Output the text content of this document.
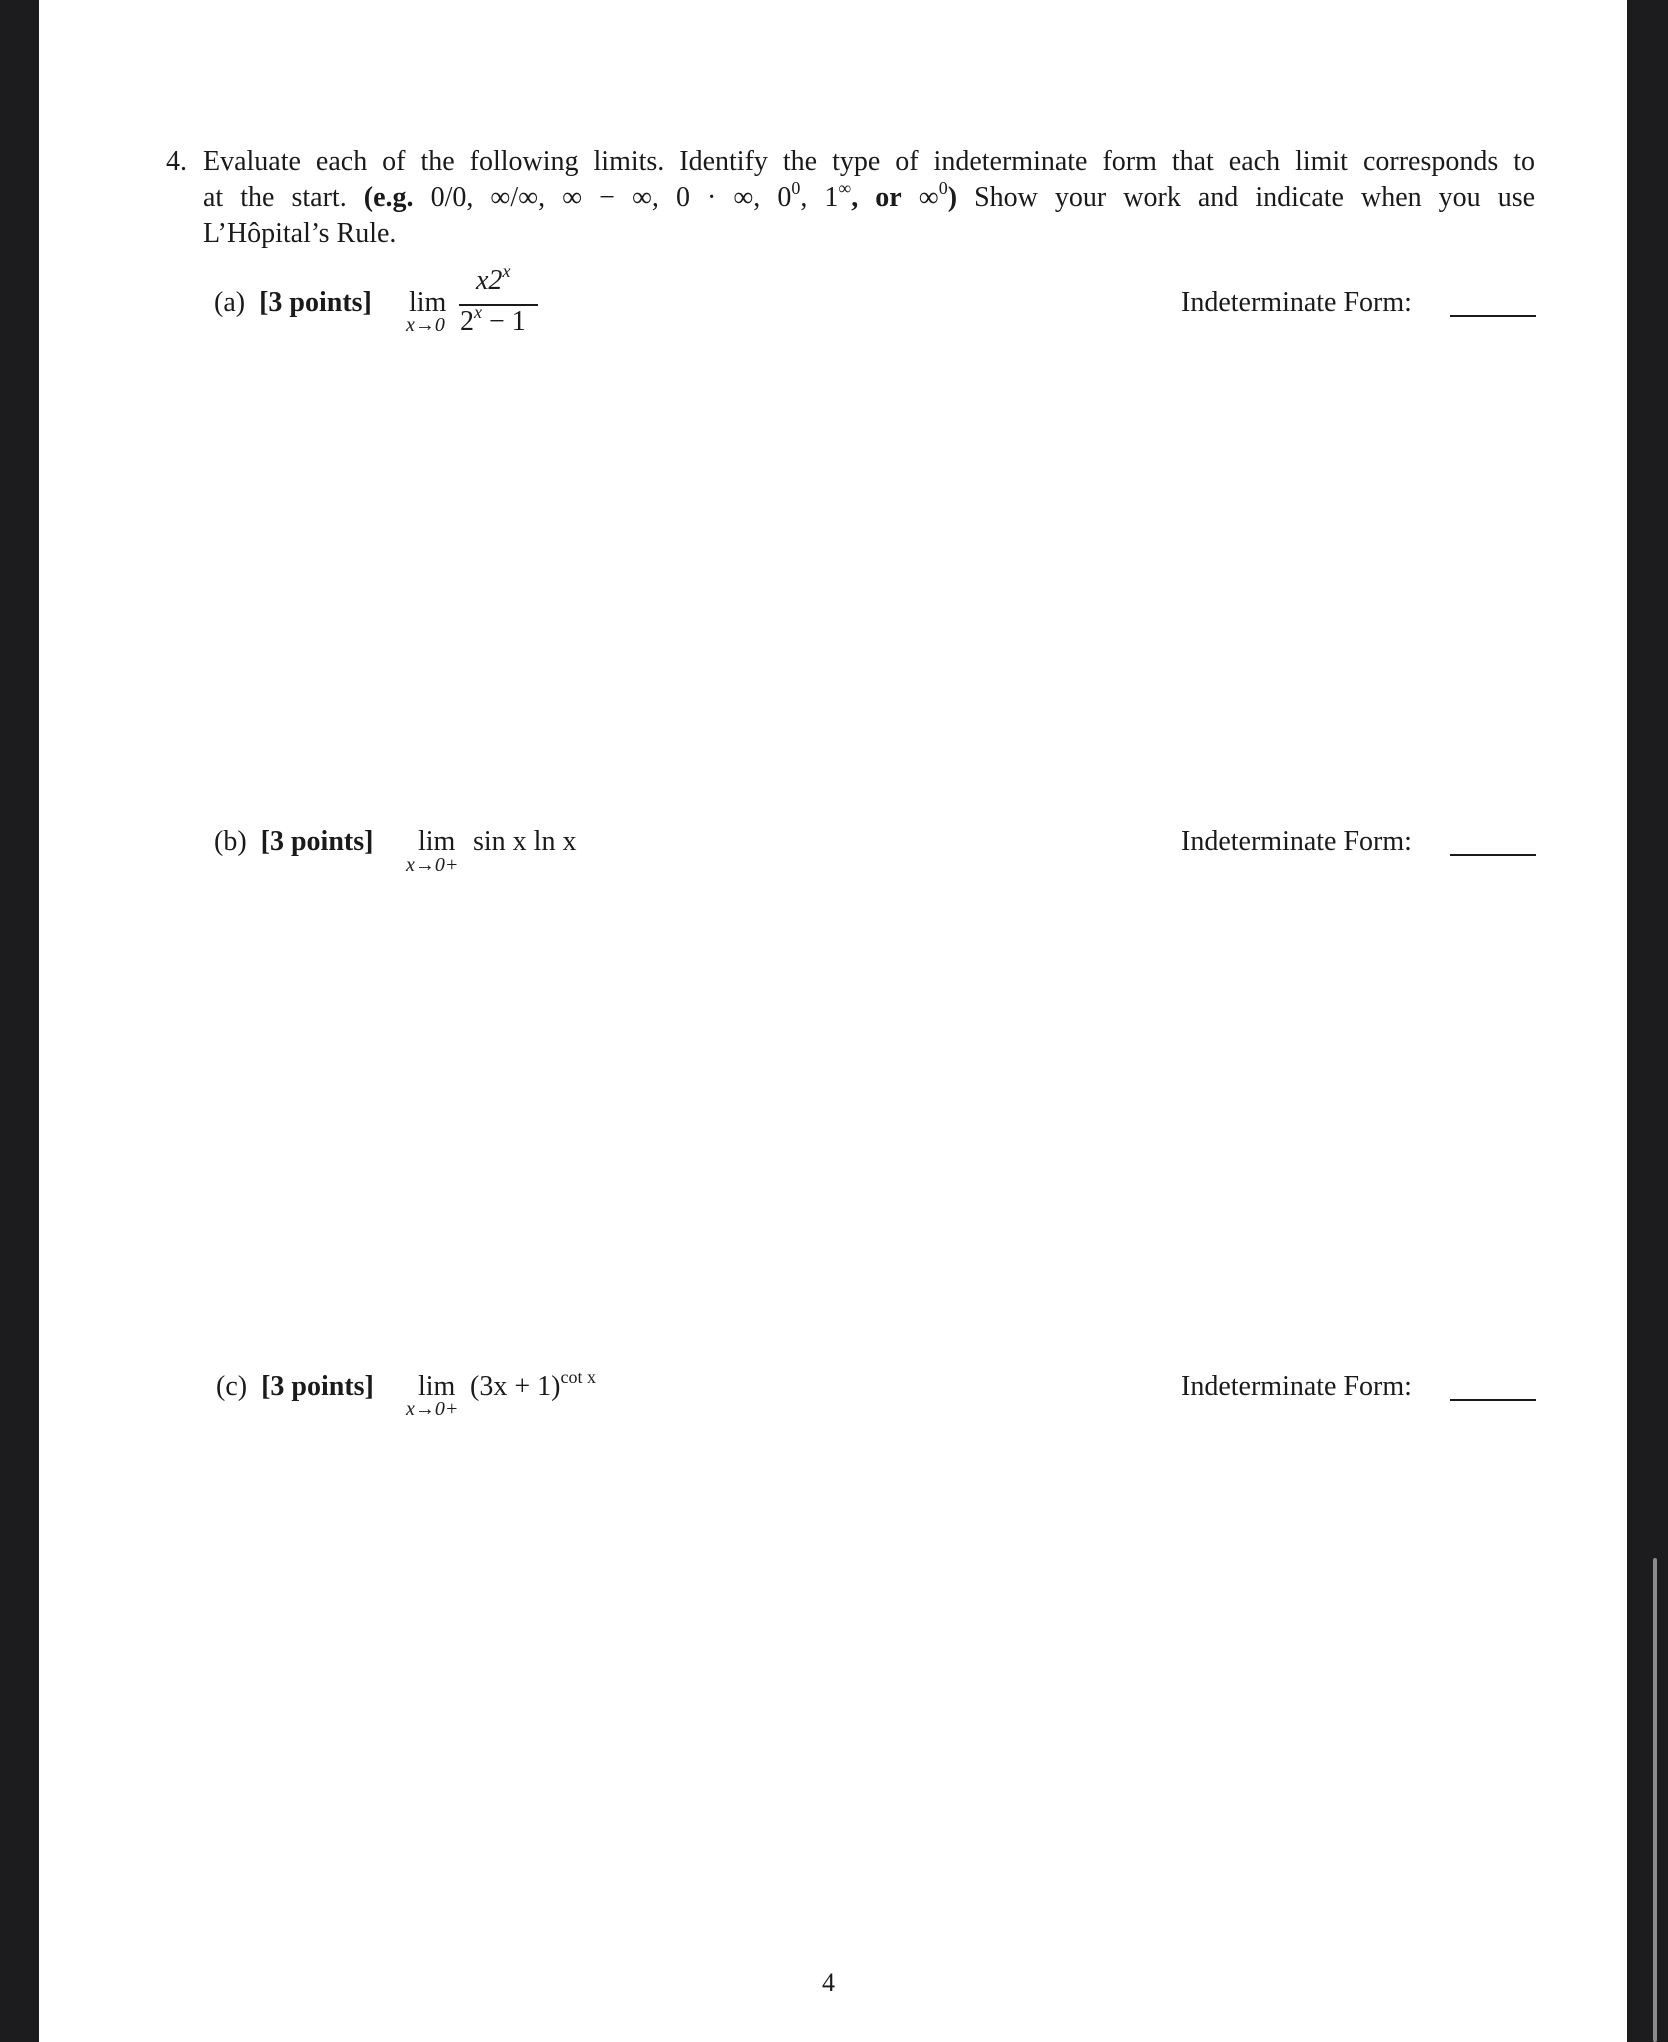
4. Evaluate each of the following limits. Identify the type of indeterminate form that each limit corresponds to
at the start. (e.g. 0/0, ∞/∞, ∞ − ∞, 0 · ∞, $0^0$, 1∞, or ∞$^0$) Show your work and indicate when you use
L’Hôpital’s Rule.
(a) [3 points] lim
x→0
x2$^x$
$2^x - 1$
Indeterminate Form:
(b) [3 points] lim
x→0+
sin x ln x	Indeterminate Form:
(c) [3 points] lim
x→0+
$(3x + 1)^{cot x}$	Indeterminate Form:
4
